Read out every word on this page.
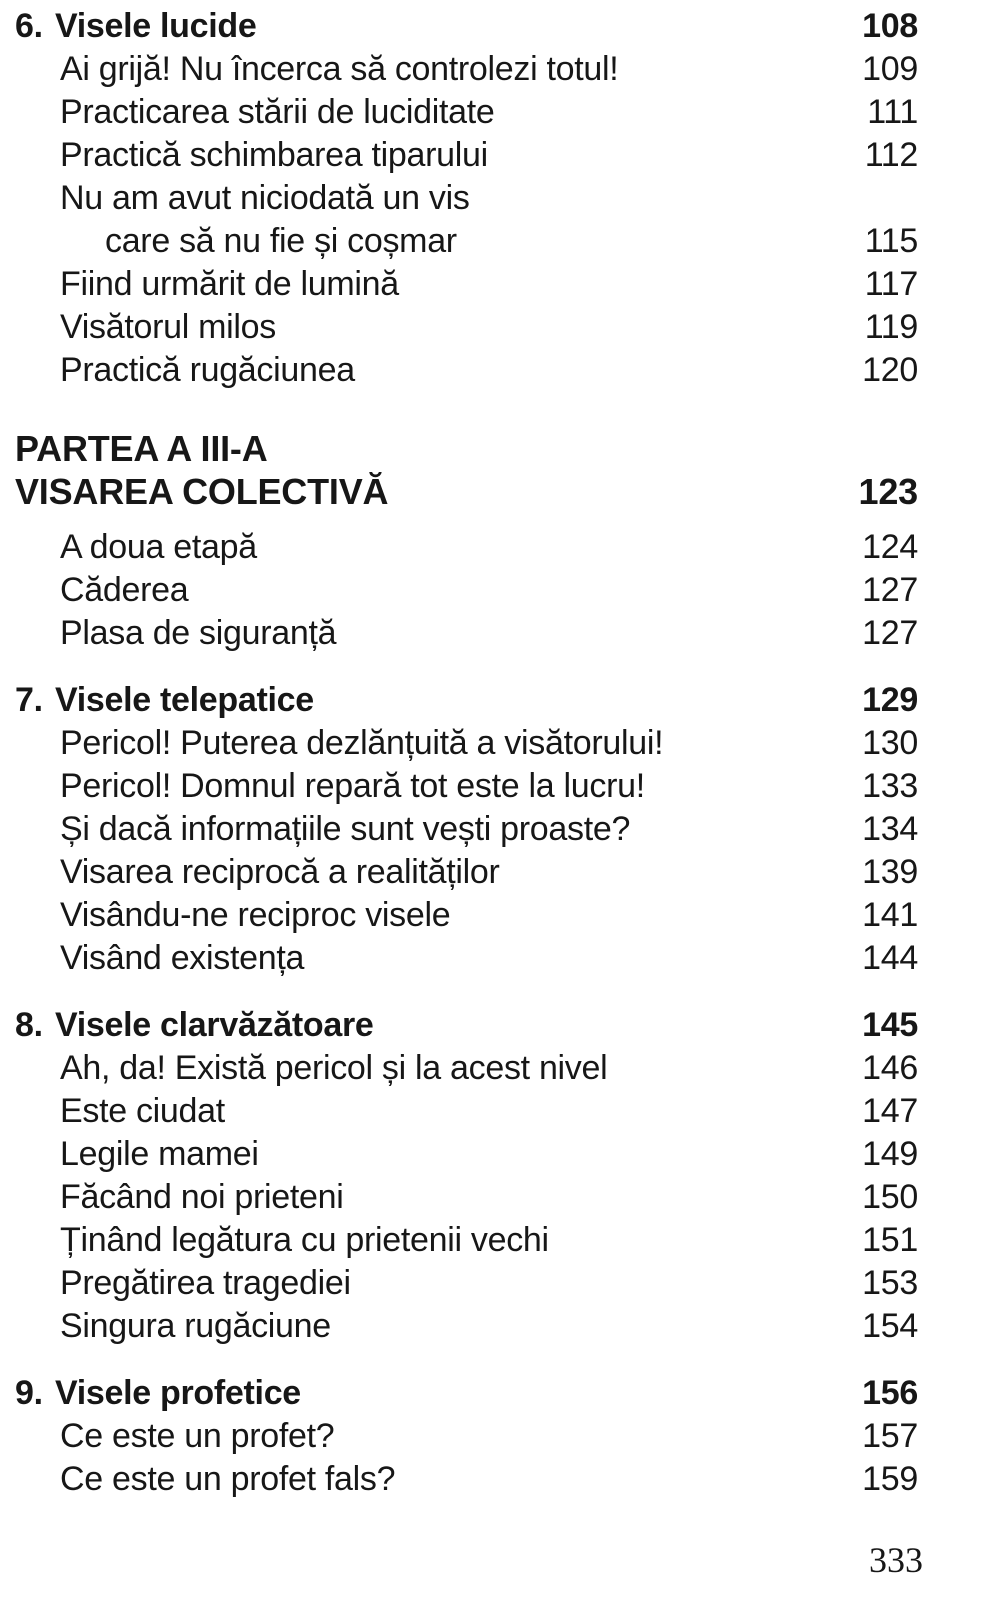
6. Visele lucide	108
Ai grijă! Nu încerca să controlezi totul!	109
Practicarea stării de luciditate	111
Practică schimbarea tiparului	112
Nu am avut niciodată un vis
care să nu fie și coșmar	115
Fiind urmărit de lumină	117
Visătorul milos	119
Practică rugăciunea	120
PARTEA A III-A
VISAREA COLECTIVĂ	123
A doua etapă	124
Căderea	127
Plasa de siguranță	127
7. Visele telepatice	129
Pericol! Puterea dezlănțuită a visătorului!	130
Pericol! Domnul repară tot este la lucru!	133
Și dacă informațiile sunt vești proaste?	134
Visarea reciprocă a realităților	139
Visându-ne reciproc visele	141
Visând existența	144
8. Visele clarvăzătoare	145
Ah, da! Există pericol și la acest nivel	146
Este ciudat	147
Legile mamei	149
Făcând noi prieteni	150
Ținând legătura cu prietenii vechi	151
Pregătirea tragediei	153
Singura rugăciune	154
9. Visele profetice	156
Ce este un profet?	157
Ce este un profet fals?	159
333
